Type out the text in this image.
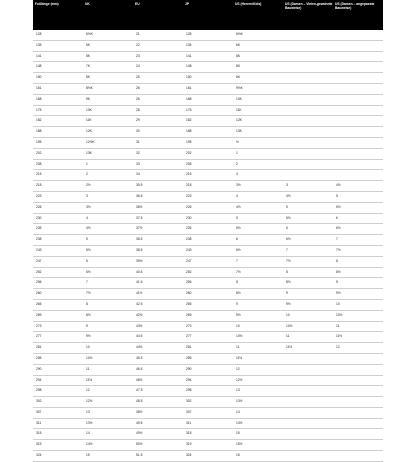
Fußlänge (mm)	UK	EU	JP	US (Herren/Kids)	US (Damen – Vielen-gewohnte Bauweise)	US (Damen – angepasste Bauweise)
128	6½K	21	128	6½K		
135	6K	22	135	6K		
141	8K	23	141	8K		
148	7K	24	148	8K		
150	8K	25	150	8K		
161	8½K	26	161	9½K		
168	9K	26	168	10K		
175	10K	28	175	11K		
182	11K	29	182	12K		
188	12K	30	188	13K		
195	12½K	31	195	½		
202	13K	32	202	1		
208	1	33	208	2		
215	2	34	215	3		
218	2½	35.5	218	3½	3	4½
223	3	36.5	223	4	4½	5
226	3½	36½	226	4½	5	5½
230	4	37.5	230	5	5½	6
235	4½	37½	235	5½	6	6½
238	5	38.5	238	6	6½	7
243	5½	38.5	243	6½	7	7½
247	6	39½	247	7	7½	8
252	6½	40.5	252	7½	8	8½
256	7	41.5	256	8	8½	9
260	7½	41½	260	8½	9	9½
265	8	42.5	265	9	9½	10
269	8½	42½	269	9½	10	10½
273	9	43½	273	10	10½	11
277	9½	44.5	277	10½	11	11½
281	10	44½	281	11	11½	12
285	10½	45.5	285	11½		
290	11	46.5	290	12		
294	11½	46½	294	12½		
298	12	47.5	298	13		
302	12½	48.5	302	13½		
307	13	48½	307	14		
311	13½	49.5	311	14½		
315	14	49½	315	15		
319	14½	50½	319	15½		
324	15	51.5	324	16		
